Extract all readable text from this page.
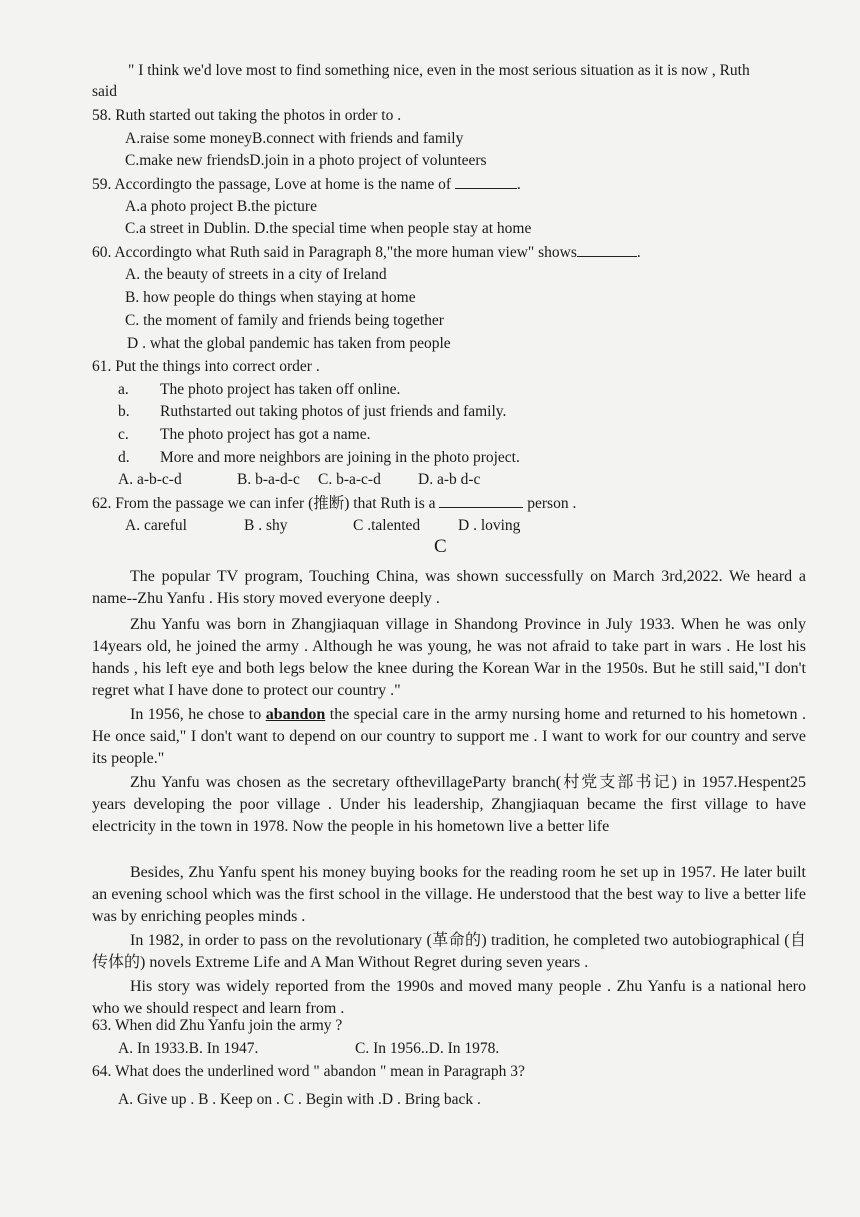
" I think we'd love most to find something nice, even in the most serious situation as it is now , Ruth
said
58. Ruth started out taking the photos in order to .
A.raise some moneyB.connect with friends and family
C.make new friendsD.join in a photo project of volunteers
59. Accordingto the passage, Love at home is the name of	.
A.a photo project B.the picture
C.a street in Dublin. D.the special time when people stay at home
60. Accordingto what Ruth said in Paragraph 8,"the more human view" shows	.
A. the beauty of streets in a city of Ireland
B. how people do things when staying at home
C. the moment of family and friends being together
D . what the global pandemic has taken from people
61. Put the things into correct order .
a. The photo project has taken off online.
b. Ruthstarted out taking photos of just friends and family.
c. The photo project has got a name.
d. More and more neighbors are joining in the photo project.
A. a-b-c-d	B. b-a-d-c C. b-a-c-d D. a-b d-c
62. From the passage we can infer (推断) that Ruth is a	person .
A. careful	B . shy	C .talented D . loving
C
The popular TV program, Touching China, was shown successfully on March 3rd,2022. We heard a name--Zhu Yanfu . His story moved everyone deeply .
Zhu Yanfu was born in Zhangjiaquan village in Shandong Province in July 1933. When he was only 14years old, he joined the army . Although he was young, he was not afraid to take part in wars . He lost his hands , his left eye and both legs below the knee during the Korean War in the 1950s. But he still said,"I don't regret what I have done to protect our country ."
In 1956, he chose to abandon the special care in the army nursing home and returned to his hometown . He once said," I don't want to depend on our country to support me . I want to work for our country and serve its people."
Zhu Yanfu was chosen as the secretary ofthevillageParty branch(村党支部书记) in 1957.Hespent25 years developing the poor village . Under his leadership, Zhangjiaquan became the first village to have electricity in the town in 1978. Now the people in his hometown live a better life
Besides, Zhu Yanfu spent his money buying books for the reading room he set up in 1957. He later built an evening school which was the first school in the village. He understood that the best way to live a better life was by enriching peoples minds .
In 1982, in order to pass on the revolutionary (革命的) tradition, he completed two autobiographical (自传体的) novels Extreme Life and A Man Without Regret during seven years .
His story was widely reported from the 1990s and moved many people . Zhu Yanfu is a national hero who we should respect and learn from .
63. When did Zhu Yanfu join the army ?
A. In 1933.B. In 1947.	C. In 1956..D. In 1978.
64. What does the underlined word " abandon " mean in Paragraph 3?
A. Give up . B . Keep on . C . Begin with .D . Bring back .
